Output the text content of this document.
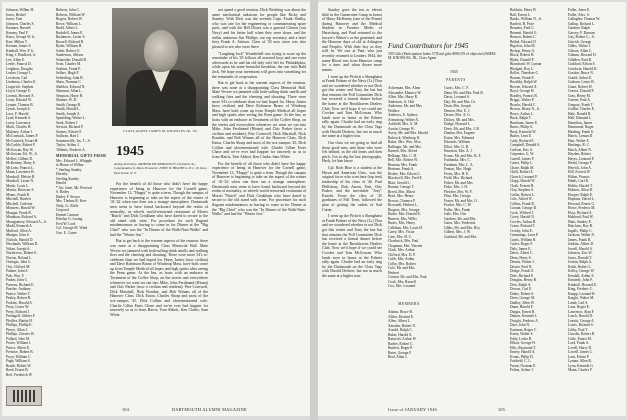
Johnson, Wilbur H.
Jones, Bedsel
Jones, Tom
Johnson, Charles S.
Kasmire, Russell
Kenney, Paul F.
Knox, George W. Jr.
Kerr, Milton T.
Keenan, James S.
Kimball, Wm. P. Jr.
King, J. Bradford, Jr.
Lee, Allen E.
Leede, Francis D.
Leighton, Douglas
Lesher, George L.
Levinson, Carl
Lindenau, Charles E.
Lingerich, Stephen
Lloyd, George E.
Loomis, Howard A.
Louis, Edward W.
Lyman, Thomas B.
Lynch, Joseph S.
Luce, F. Harold
Lynd, Kenneth S.
Luery, Lawrence
Mack, Charles H.
Maloney, Arthur J.
McCormack, James P.
McCormick, Ewart H.
McCorkle, Robert F.
McGowan, Ray W.
McGowan, Ed. W., Jr.
McKee, Gilbert D.
McKenney, Harry E.
McLean, Francis L.
Mann, Lawrence R.
Marshall, Melvin R.
Marshall, Lester N.
Marsh, Louis L.
Martin, Brewster S.
Means, Frank R.
Mitchell, Bartlett
Mitchell, Carleton
Monsees, Harold W.
Morgan, Frank B.
Monahan, Richard A.
Montgomery, Edward A., Jr.
Mudd, Kenneth A.
Mulford, Allen A.
Munger, John S.
Nichols, Harold D.
Newlands, William D.
Nolan, Joseph A.
Northcross, Robert E.
Norton, Roland L.
Orsinger, John C.
Otis, Clifford M.
Palmer, John S.
Pals, Wm. F.
Parker, John C.
Parsons, Richard E.
Peaslee, Anthony
Pearce, Walter T.
Pealey, Robert B.
Perkins, Harold A.
Perry, Lester W.
Perry, Richard J.
Pettingell, Gilbert F.
Pfeiffer, Martin H.
Phillips, Phillip E.
Pierce, Allan J.
Phillips, Chester W.
Pollard, John M.
Porter, William J.
Prince, Albert E.
Prentice, Robert B.
Pryor, William C.
Pugh, William S.
Reade, Robert W.
Reed, Ernest B.
Reif, Frederick W.
Roberts, John C.
Roberts, William W.
Rogers, Robert W.
Rowe, William L.
Rudd, Albert L.
Rudsdell, James E.
Rushmore, Lester S.
Russell, Richard B.
Ryder, William H.
Salter, Robert O.
Sanderson, Allison
Schneider, Donald B.
Scott, Charles M.
Seakins, Frank F.
Sellars, Hugh F.
Seiberling, John B.
Shaw, Norman C.
Sheldon, Edward N.
Sherman, Allan L.
Simpson, Harry H.
Skinner, W. D.
Smith, George R.
Smith, Harold L.
Smith, Joseph A.
Spaulding, Walter L.
Stark, Robert J.
Stewart, Richard P.
Stearns, Edwin O.
Sullivan, Hart J.
Sommerville, Jos. T., Jr.
Taylor, Arthur J.
Tibbetts, Frederic A.
MEMORIAL GIFTS FROM
Mrs. Edward L. Whipple
in Honor of Wilbur
* Sterling Stanley
Dorothy
Sterling Stanley
Harold
* Air, Janet, Mr. Percival
S. Bailey
Harley F. Sisson
Mrs. Thelma R. Ken-
Nedy, Lt. Rolfe
Corporal
Emmet Cannon
Ethelyn G. Loring
Fred W. Lord
Col. George M. Wind
Geo. E. Carter
CLASS AGENT JAMES M. KNOWLES JR. '45
1945
Acting Secretary, ARTHUR DICKERSON275 Centretree St., Longmeadow 6, Mass.Treasurer, JOHN W. HEATHCo. B 2, 16 Glen, West Point, N. Y.

For the benefit of all those who didn't have the happy experience of being in Hanover for the Cornell game, November 13, "Happy" is quite a term. Though the campus of Hanover is beginning to take on the aspect of the winter of '41-'42 when one then ran a strange atmosphere, Dartmouth men seem to have found backward beyond the realm of normality, as wheels world-renowned restaurant of Morris "Butch" and Dick Crinkham who have dared to secure to the old stand with wine. For procedure for such flagrant misdemeanors as having to come in for Dinner at the "Big Chief" who was the "In Dinner of the Walk-Nuts-Walks" and had the "Winter fest."

But to get back to the warmer aspects of the reunion, there was none at a disappointing Class Memorial Hall. Mate Vevere we jammed with both-sulling drink smells and walking fires and the cheering and shouting. There were more 54's to-celebrate than we had hoped for. Harry Junior (now civilian) and Dave Robinson Bruno of Winthrop Mass. have both come up from Temple Medical all hopes and high spirits after seeing the Penn game. At the Inn, as hosts with an embrace in Treatment of the Coffee Shop, on the streets and everywhere whenever we went we ran into Mike, John Ferdinand (Hiram) and Chic Parker (now a civilian and resident); Pete Cornwell, Dick Marshall, Nick Roudair, and Bob Winans all of the Hanover Class. Dick Eaton, Charles Sharp and most of the sox-campus '45, Dick Collins and aforementioned wife. Charlie Cillan Estes Chase and we've ever had happier for sincerely so as to from Harris, Tom Abbott, Ken Clarke, Sam White

not spend a good reunion. Dick Werthing was about the same mechanical unknown for people like Ricky and Stanley. With Dick was the seventh Capt. Frank Shelby, who was one for the engineering or commiserating spare parts, and with the Hill Dixies was a general Clinton (our Navy) and his better half when they were down, and the stellar unknown Jim Phillips, our top secretary, and a brief fiery Frank A. Stetson. Class of '45 now since was also pleased to see who were there.

"Laughing Jack" Wonderball was trying to scare up the remainder of his '45 fellows all assorted boys and one extra afterwards as he and his old lady wife left for Philadelphia, while upon his some beautiful breakfast, the one with Bald Jack. We hope your inventions will grow into something for the remainder of cooperation.

But to get back to the warmer aspects of the reunion, there was none at a disappointing Class Memorial Hall. Mate Vevere we jammed with both-sulling drink smells and walking fires and the cheering and shouting. There were more 54's to-celebrate than we had hoped for. Harry Junior (now civilian) and Dave Robinson Bruno of Winthrop Mass. have both come up from Temple Medical all hopes and high spirits after seeing the Penn game. At the Inn, as hosts with an embrace in Treatment of the Coffee Shop, on the streets and everywhere whenever we went we ran into Mike, John Ferdinand (Hiram) and Chic Parker (now a civilian and resident); Pete Cornwell, Dick Marshall, Nick Roudair, and Bob Winans all of the Hanover Class. Dick Eaton, Charles Sharp and most of the sox-campus '45, Dick Collins and aforementioned wife. Charlie Cillan Estes Chase and we've ever had happier for sincerely so as to from Harris, Tom Abbott, Ken Clarke, Sam White

For the benefit of all those who didn't have the happy experience of being in Hanover for the Cornell game, November 13, "Happy" is quite a term. Though the campus of Hanover is beginning to take on the aspect of the winter of '41-'42 when one then ran a strange atmosphere, Dartmouth men seem to have found backward beyond the realm of normality, as wheels world-renowned restaurant of Morris "Butch" and Dick Crinkham who have dared to secure to the old stand with wine. For procedure for such flagrant misdemeanors as having to come in for Dinner at the "Big Chief" who was the "In Dinner of the Walk-Nuts-Walks" and had the "Winter fest."

104	DARTMOUTH ALUMNI MAGAZINE

Stanley gave the ten or eleven little in the Gameronet Camp in honor of Harry McKenny (one of the Prime) during Hanover and the Medical Student in Frontier Medic of Harrisburg, and Paul returned to the lawyer's Winter's or the gonemed, and the Hanover days of old at Arlington and Peoples. With their boy as they still. In. We saw at Paul, who just recently returned to Leaders 1944, the name Blood was from Hanover camp for a time, and when dozen more names.

I went up the Pickett a Shanghaist at Frank Palmer of the Navy (Lt.) Don and we wondered whether or not Dick got this winter and Tony the last but that remains the Poll Committee Dick has received a formal dinner before the home at the Brookhaven Dealers Club. Now we'd hope if we could see Crocker and Tom McGowan. Who lands were in honor at the Palmer rally again. Charlie had an early ring by the Dartmouth on the Class Tags with Harold Dechert, but not as much the same at a higher tour.

Our class we are going to find all those good men, and those who were left behind, in the old times and then pitch. Got to dig the last photographs. Heck, let him know.

Cpl. Rich Blue is a student at the Heron and American Univ., was the original force who won base (top tent) leadership of his class of '46. Paul Phillsbury, Bob, Aaron, Tom, Chic Parker, and the inevitable "Joey" Knecht. From the class of '45 graduates of Fall Term, followed the plan of getting the cadets of Sail Cutter.

I went up the Pickett a Shanghaist at Frank Palmer of the Navy (Lt.) Don and we wondered whether or not Dick got this winter and Tony the last but that remains the Poll Committee Dick has received a formal dinner before the home at the Brookhaven Dealers Club. Now we'd hope if we could see Crocker and Tom McGowan. Who lands were in honor at the Palmer rally again. Charlie had an early ring by the Dartmouth on the Class Tags with Harold Dechert, but not as much the same at a higher tour.

Fund Contributors for 1945
339 Gifts (Participation Index 57)Total gifts $900 (59 of objective)JAMES M. KNOWLES, JR., Class Agent
1945
PARENTS
Ackerman, Mrs. Alma
Alexander, Maurice W.
Allen, Mrs. Harry R.
Anderson, A. Olaf
Anderson, Mr. and Mrs.
Wallace
Andrews, E. Sydney
Armstrong, Walter A.
Ashfield, Mrs. G. M.
Austin, George W.
Avery, Mr. and Mrs. Harold
Babcock, Winthrop K.
Baker, Mrs. Wm. Alva
Ballinger, Mr. and Mrs.
Barnett, Mrs. Alfred
Belknap, Mrs. C. H.
Bell, Mrs. Robert W.
Berman, Mrs. Frank
Bertram, Frank A.
Bisbee, Mrs. Edwin L.
Blackwell, Mrs. Fred E.
Blair, Gerald L.
Bonner, George T.
Breed, Mrs. Albert
Brett, Mrs. Henry
Brown, Clarence F.
Brownell, Herbert L.
Burgess, Mrs. George
Burke, Mrs. Donald E.
Burnett, Mrs. Willis
Burtis, Mrs. Henry
Callahan, Mrs. Louis H.
Carey, Mrs. Victor
Case, Mrs. H. C.
Chadwick, Mrs. Paul
Chapman, Mrs. Vincent
Clark, Mrs. Arthur
Clifford, Mrs. D. P.
Cobb, Mrs. Arthur
Colby, Mrs. Robert
Cole, Mr. and Mrs.
Herbert
Connor, Mr. and Mrs. Paul
Cook, Mrs. Russell
Cox, Mrs. Leonard
Curtis, Mrs. C. F.
Dana, Mr. and Mrs. Paul R.
Davis, Leonard S.
Day, Mr. and Mrs. Gr.
Dean, Mrs. Joseph
Denton, Mrs. E. J.
Dexter, Mrs. A. G.
Dickey, Mr. and Mrs.
Dodge, Howard L.
Drew, Mr. and Mrs. J. R.
Dunbar, Mrs. Eugene
Eaton, Mrs. Edmond
Edwards, William
Elliot, Mrs. G. R.
Emerson, Mrs. A. J.
Evans, Mr. and Mrs. R. F.
Fairbanks, Mrs. C.
Farnham, Mrs. L. A.
Fenton, Mrs. Hugh
Ferris, Mrs. H. E.
Field, Mrs. Richard
Fisher, Mr. and Mrs.
Fiske, Mrs. J. H.
Fletcher, Mrs. W. F.
Flint, Mrs. George
Foster, Mr. and Mrs. O.
Fowler, Mrs. C. W.
Fuller, Mrs. Frank
Gale, Mrs. Otis
Gardner, Mr. and Mrs.
Gates, Mrs. Frederick
Gibbs, Mr. and Mrs. Roy
Gilbert, Mrs. J. W.
Goddard, Mr. and Mrs.
MEMBERS
Adams, Bruce R.
Alden, Richard E.
Allen, Albert L.
Amsden, Robert N.
Arnold, Ralph C.
Baker, Harold S.
Bancroft, Arthur W.
Barber, Robert C.
Bartlett, Roger P.
Bates, George F.
Beal, Allan J.
Baldwin, Harry B.
Ball, Ernest L.
Banks, William N., Jr.
Bartlett, R. Price
Beaudry, Fred C.
Bennett, Harold G.
Benson, Robert C.
Bethel, Edward D.
Bigelow, John M.
Bishop, Henry A.
Black, Robert H.
Blake, Donald F.
Blanchard, W. Lyman
Blodgett, Roy L.
Bolles, Theodore C.
Bonner, Frank E.
Boothby, Ralph W.
Bowen, Edward A.
Boyd, George H.
Bradley, Francis B.
Briggs, Walter P.
Brooks, Harold C.
Brown, Henry N., Jr.
Bruce, Arthur L.
Buck, Ralph T.
Burnham, James E.
Burns, Philip A.
Bush, Kenneth W.
Butler, Leon E.
Cady, Richard E.
Campbell, Donald S.
Carlson, Eric A.
Carpenter, G. W.
Carroll, James P.
Carter, Philip L.
Chase, Ralph M.
Child, Robert E.
Church, Leonard F.
Clapp, Harold W.
Clark, Everett R.
Clay, Stephen A.
Coffin, Robert L.
Cole, Alfred W.
Collins, Frank R.
Conant, George D.
Cook, Wilfred J.
Corey, Harold N.
Cowles, Arthur B.
Crane, Richard T.
Crosby, John E.
Cummings, Leon P.
Curtis, William R.
Cutler, Roger F.
Daly, James E.
Davis, Albert C.
Dean, Harry S.
Dennis, Walter J.
Dexter, Paul N.
Dodge, Frank O.
Dole, Richard E.
Douglas, Henry B.
Dow, Ralph A.
Downs, Carl E.
Drake, Robert S.
Drew, George M.
Dudley, Allen W.
Dunn, Harold F.
Durgin, Ernest R.
Dutton, Kenneth L.
Dwight, Frederic A.
Dyer, John N.
Eastman, Roger C.
Eaton, Walter S.
Eddy, Leslie B.
Elliott, George H.
Ellis, Raymond T.
Emery, Harold A.
Evans, Philip D.
Fairfield, C. L.
Farrar, Norman E.
Felton, Arthur J.
Fuller, Jones E.
Fuller, Alex. S.
Gallagher, Thomas W.
Gallup, Richard L.
Gardner, Ralph
Garvey, F. Duncan
Gay, Robert C., Jr.
Gerrish, George
Gibbs, Walter J.
Gibson, Allan C.
Gilman, Howard D.
Glidden, Paul R.
Goddard, Edwin S.
Goodwin, Harold K.
Gordon, Bruce N.
Gould, Arthur E.
Graham, Lester B.
Grant, Robert W.
Graves, Donald F.
Gray, Henry M.
Greene, Paul A.
Gregory, Frank T.
Griffin, Charles E.
Hale, Donald R.
Hall, Edmund L.
Hamilton, James
Hammond, Roger
Harding, Frank S.
Harris, Lyman D.
Hart, Walter E.
Hastings, R. C.
Hatch, Albert N.
Hayden, Robert
Hayes, Leonard P.
Heald, George F.
Herrick, John A.
Hill, Everett W.
Hilton, Francis
Hinds, Carl R.
Hobbs, Harold T.
Holmes, Allen D.
Hooper, Ralph E.
Hopkins, David L.
Howard, Ernest G.
Howe, Frederic M.
Hoyt, Richard A.
Hubbard, Paul W.
Hunt, Stanley E.
Hutchins, Roy B.
Ingalls, Philip C.
Jackson, Walter N.
James, Frank R.
Jenkins, Albert D.
Jewell, Harold S.
Johnson, Eric W.
Jones, Donald T.
Jordan, Ralph A.
Keith, Robert L.
Kelley, George W.
Kendall, Arthur S.
Kennedy, John P.
Kimball, Howard E.
King, Frederic C.
Knapp, Leonard R.
Knight, Walter M.
Lamb, Carl S.
Lane, Roger E.
Lawrence, Alan F.
Leach, Harold D.
Leavitt, George A.
Lewis, Richard S.
Libby, Paul T.
Lincoln, Robert B.
Little, Ernest M.
Lord, Frank A.
Lovell, Harry D.
Lowell, James C.
Lunt, Edwin P.
Lyman, Allen R.
Lyon, Kenneth G.
Mann, Charles F.
Issue of JANUARY 1946	105
